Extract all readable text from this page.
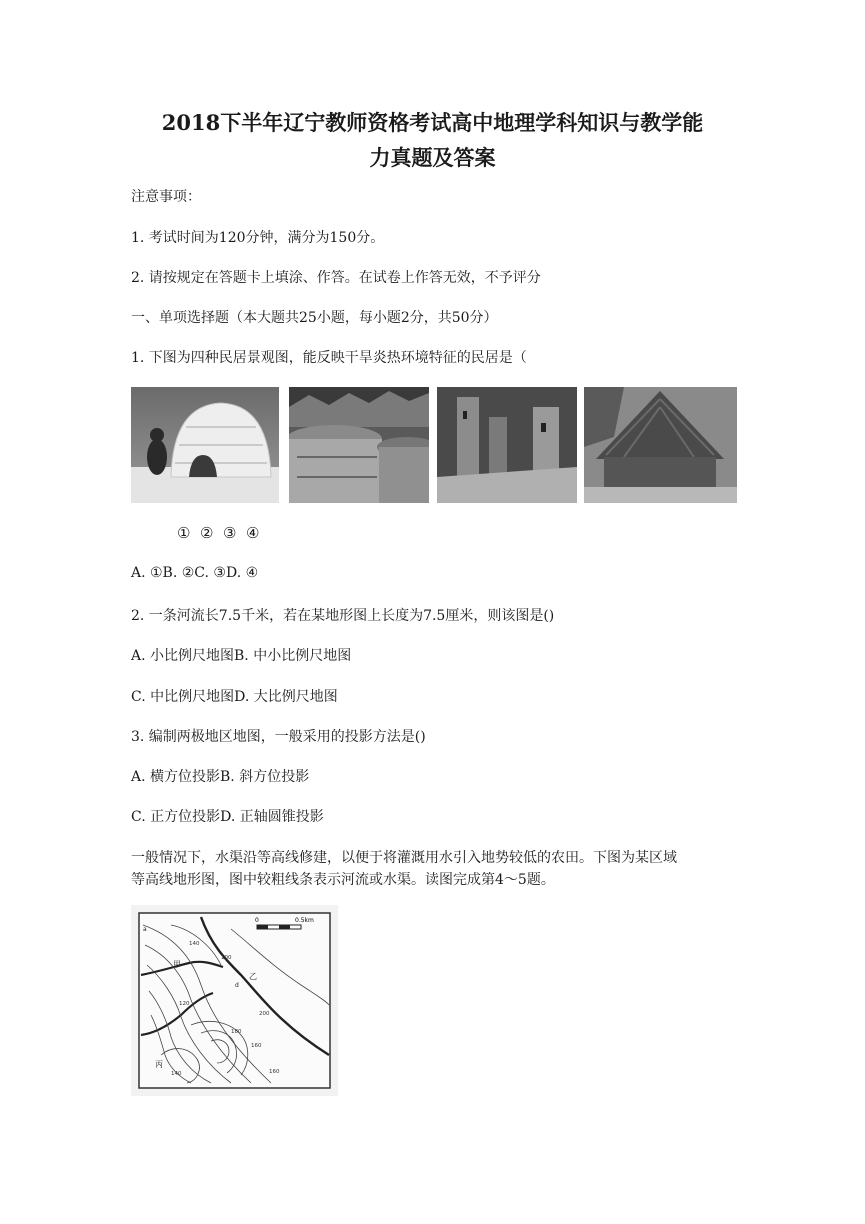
2018下半年辽宁教师资格考试高中地理学科知识与教学能
力真题及答案
注意事项：
1. 考试时间为120分钟，满分为150分。
2. 请按规定在答题卡上填涂、作答。在试卷上作答无效，不予评分
一、单项选择题（本大题共25小题，每小题2分，共50分）
1. 下图为四种民居景观图，能反映干旱炎热环境特征的民居是（
① ② ③ ④
A. ①B. ②C. ③D. ④
2. 一条河流长7.5千米，若在某地形图上长度为7.5厘米，则该图是()
A. 小比例尺地图B. 中小比例尺地图
C. 中比例尺地图D. 大比例尺地图
3. 编制两极地区地图，一般采用的投影方法是()
A. 横方位投影B. 斜方位投影
C. 正方位投影D. 正轴圆锥投影
一般情况下，水渠沿等高线修建，以便于将灌溉用水引入地势较低的农田。下图为某区域
等高线地形图，图中较粗线条表示河流或水渠。读图完成第4～5题。
0	0.5km
甲
乙
丙
a
d
140
120
100
180
160
200
160
140
